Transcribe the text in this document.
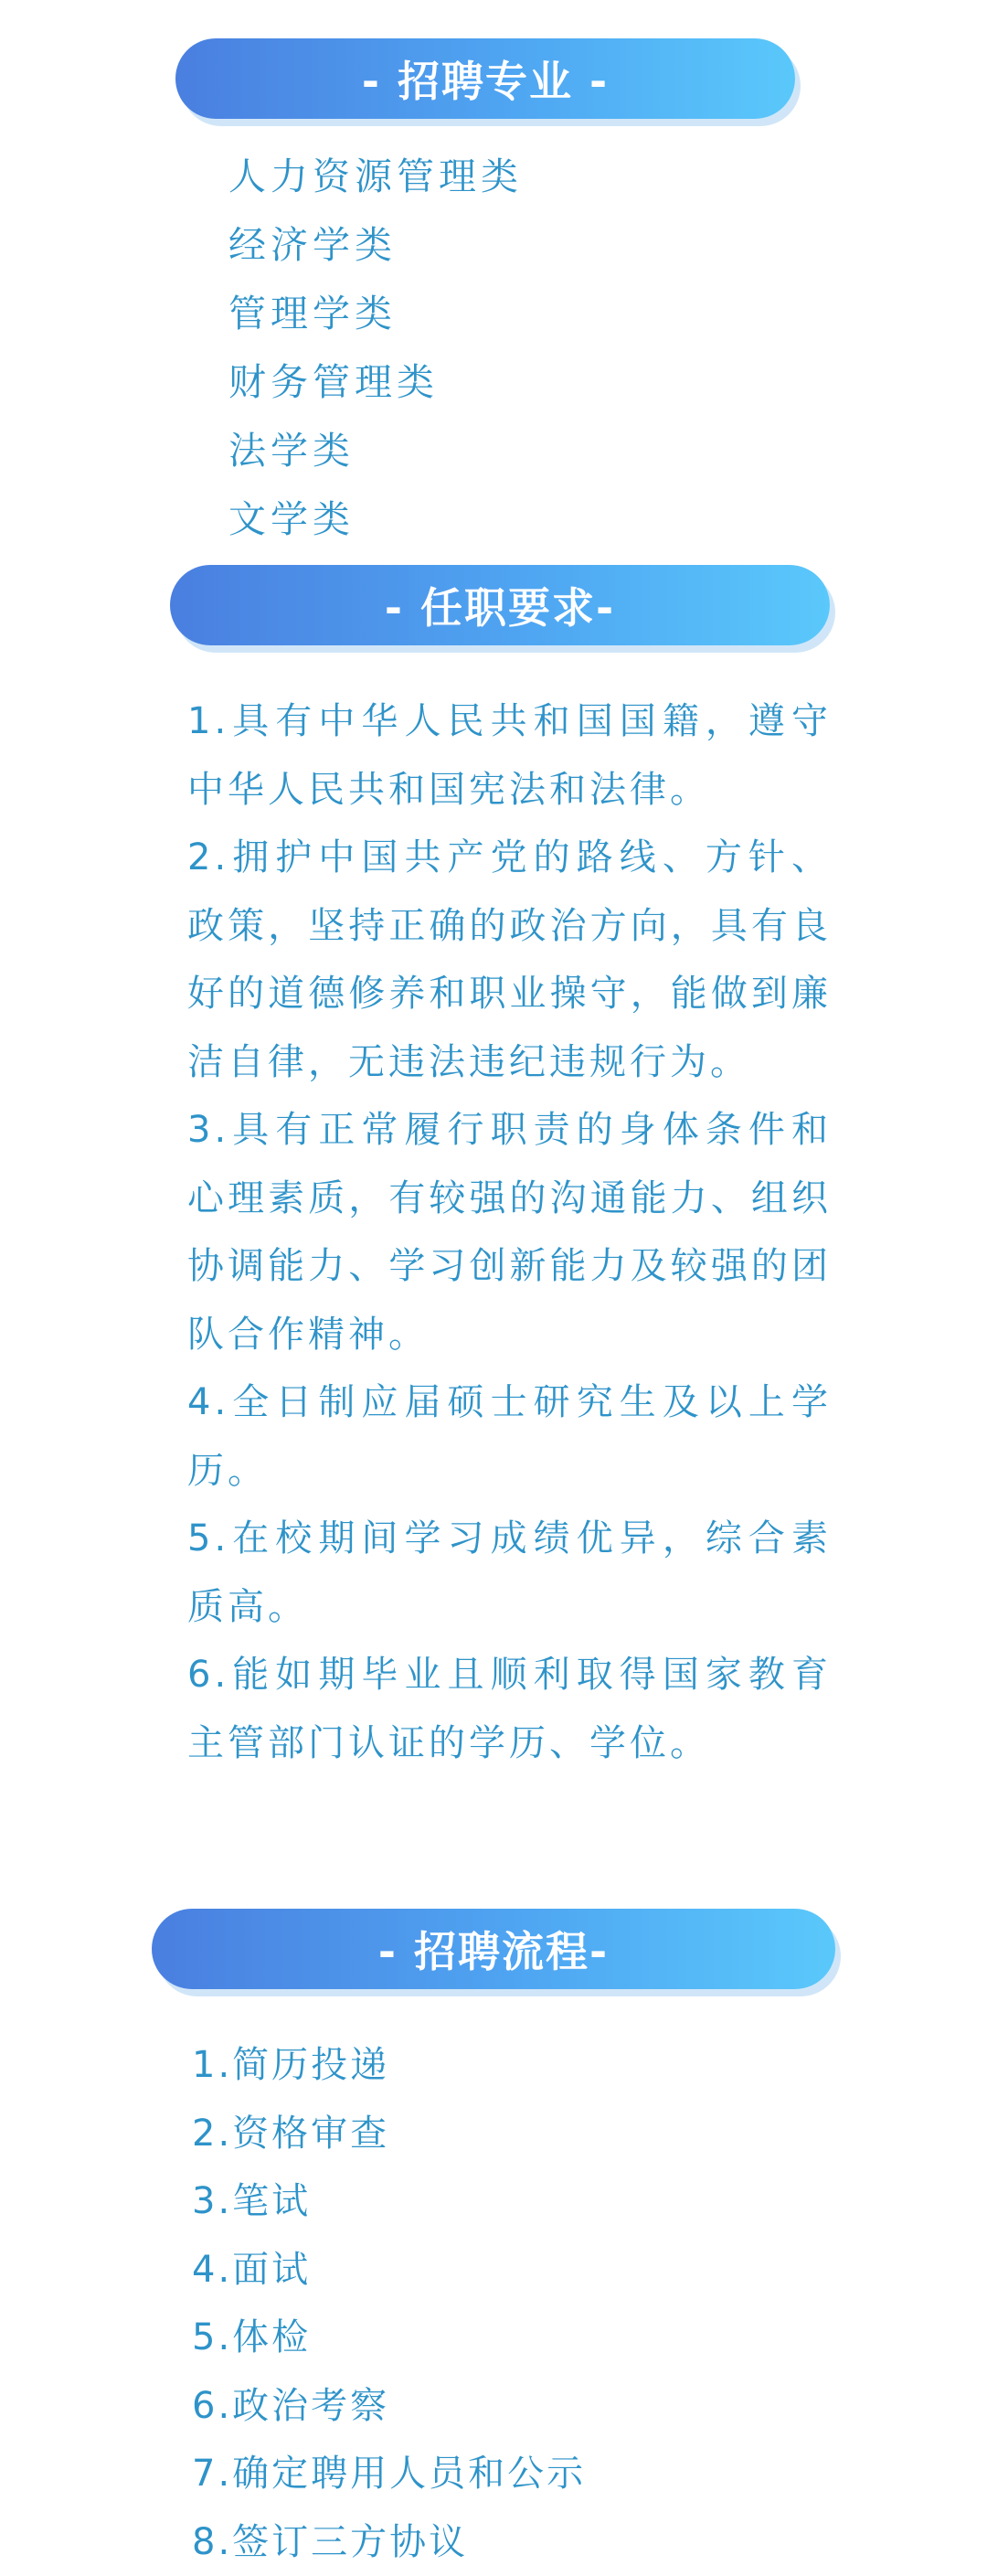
- 招聘专业 -
人力资源管理类
经济学类
管理学类
财务管理类
法学类
文学类
- 任职要求-

1.具有中华人民共和国国籍，遵守中华人民共和国宪法和法律。

2.拥护中国共产党的路线、方针、政策，坚持正确的政治方向，具有良好的道德修养和职业操守，能做到廉洁自律，无违法违纪违规行为。

3.具有正常履行职责的身体条件和心理素质，有较强的沟通能力、组织协调能力、学习创新能力及较强的团队合作精神。

4.全日制应届硕士研究生及以上学历。

5.在校期间学习成绩优异，综合素质高。

6.能如期毕业且顺利取得国家教育主管部门认证的学历、学位。

- 招聘流程-
1.简历投递
2.资格审查
3.笔试
4.面试
5.体检
6.政治考察
7.确定聘用人员和公示
8.签订三方协议
